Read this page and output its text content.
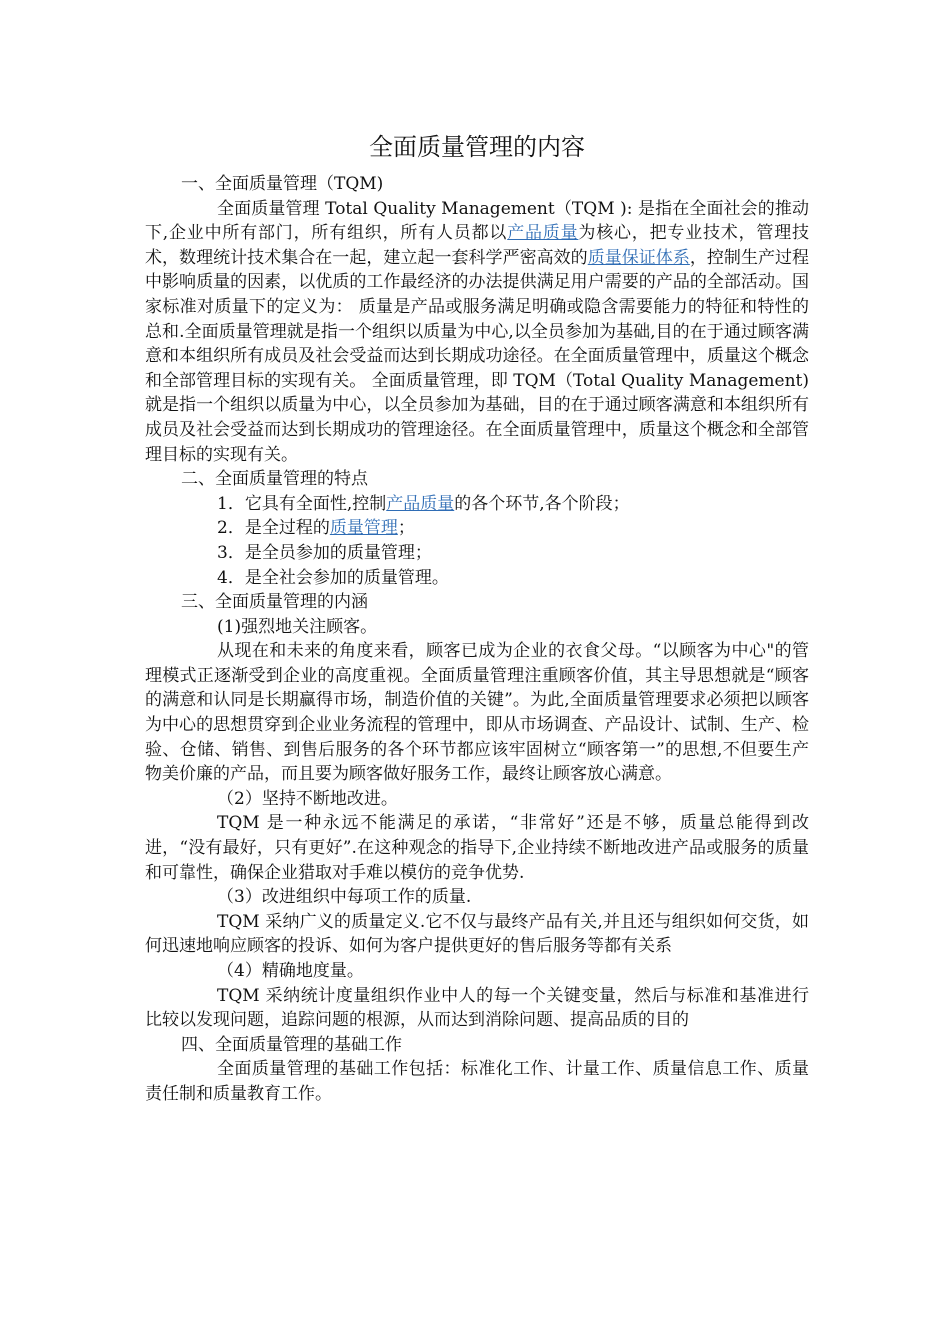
全面质量管理的内容

一、全面质量管理（TQM)

全面质量管理 Total Quality Management（TQM ): 是指在全面社会的推动下,企业中所有部门，所有组织，所有人员都以产品质量为核心，把专业技术，管理技术，数理统计技术集合在一起，建立起一套科学严密高效的质量保证体系，控制生产过程中影响质量的因素，以优质的工作最经济的办法提供满足用户需要的产品的全部活动。国家标准对质量下的定义为： 质量是产品或服务满足明确或隐含需要能力的特征和特性的总和.全面质量管理就是指一个组织以质量为中心,以全员参加为基础,目的在于通过顾客满意和本组织所有成员及社会受益而达到长期成功途径。在全面质量管理中，质量这个概念和全部管理目标的实现有关。 全面质量管理，即 TQM（Total Quality Management)就是指一个组织以质量为中心，以全员参加为基础，目的在于通过顾客满意和本组织所有成员及社会受益而达到长期成功的管理途径。在全面质量管理中，质量这个概念和全部管理目标的实现有关。

二、全面质量管理的特点

1．它具有全面性,控制产品质量的各个环节,各个阶段；

2．是全过程的质量管理；

3．是全员参加的质量管理；

4．是全社会参加的质量管理。

三、全面质量管理的内涵

(1)强烈地关注顾客。

从现在和未来的角度来看，顾客已成为企业的衣食父母。“以顾客为中心"的管理模式正逐渐受到企业的高度重视。全面质量管理注重顾客价值，其主导思想就是“顾客的满意和认同是长期赢得市场，制造价值的关键”。为此,全面质量管理要求必须把以顾客为中心的思想贯穿到企业业务流程的管理中，即从市场调查、产品设计、试制、生产、检验、仓储、销售、到售后服务的各个环节都应该牢固树立“顾客第一”的思想,不但要生产物美价廉的产品，而且要为顾客做好服务工作，最终让顾客放心满意。

（2）坚持不断地改进。

TQM 是一种永远不能满足的承诺，“非常好”还是不够，质量总能得到改进，“没有最好，只有更好”.在这种观念的指导下,企业持续不断地改进产品或服务的质量和可靠性，确保企业猎取对手难以模仿的竞争优势.

（3）改进组织中每项工作的质量.

TQM 采纳广义的质量定义.它不仅与最终产品有关,并且还与组织如何交货，如何迅速地响应顾客的投诉、如何为客户提供更好的售后服务等都有关系

（4）精确地度量。

TQM 采纳统计度量组织作业中人的每一个关键变量，然后与标准和基准进行比较以发现问题，追踪问题的根源，从而达到消除问题、提高品质的目的

四、全面质量管理的基础工作

全面质量管理的基础工作包括：标准化工作、计量工作、质量信息工作、质量责任制和质量教育工作。
